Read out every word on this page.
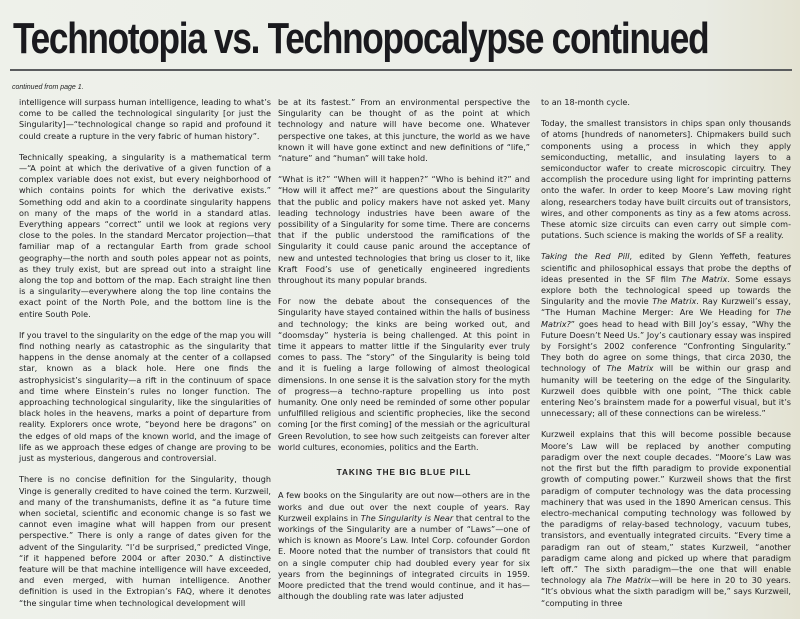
Technotopia vs. Technopocalypse continued

continued from page 1.

intelligence will surpass human intelligence, leading to what’s come to be called the technological singularity [or just the Singularity]—“technological change so rapid and profound it could create a rupture in the very fabric of human history”.

Technically speaking, a singularity is a mathematical term—“A point at which the derivative of a given function of a complex variable does not exist, but every neighborhood of which contains points for which the derivative exists.” Something odd and akin to a coordinate singularity happens on many of the maps of the world in a standard atlas. Everything appears “correct” until we look at regions very close to the poles. In the standard Mercator projection—that familiar map of a rectangular Earth from grade school geography—the north and south poles appear not as points, as they truly exist, but are spread out into a straight line along the top and bottom of the map. Each straight line then is a singularity—everywhere along the top line contains the exact point of the North Pole, and the bottom line is the entire South Pole.

If you travel to the singularity on the edge of the map you will find nothing nearly as catastrophic as the singularity that happens in the dense anomaly at the center of a collapsed star, known as a black hole. Here one finds the astrophysicist’s singularity—a rift in the continuum of space and time where Einstein’s rules no longer function. The approaching technological singularity, like the singularities of black holes in the heavens, marks a point of departure from reality. Explorers once wrote, “beyond here be dragons” on the edges of old maps of the known world, and the image of life as we approach these edges of change are proving to be just as mysterious, dangerous and controversial.

There is no concise definition for the Singularity, though Vinge is generally credited to have coined the term. Kurzweil, and many of the transhumanists, define it as “a future time when societal, scientific and economic change is so fast we cannot even imagine what will happen from our present perspective.” There is only a range of dates given for the advent of the Singularity. “I’d be surprised,” predicted Vinge, “if it happened before 2004 or after 2030.” A distinctive feature will be that machine intelligence will have exceeded, and even merged, with human intelligence. Another definition is used in the Extropian’s FAQ, where it denotes “the singular time when technological development will

be at its fastest.” From an environmental perspective the Singularity can be thought of as the point at which technology and nature will have become one. Whatever perspective one takes, at this juncture, the world as we have known it will have gone extinct and new definitions of “life,” “nature” and “human” will take hold.

“What is it?” “When will it happen?” “Who is behind it?” and “How will it affect me?” are questions about the Singularity that the public and policy makers have not asked yet. Many leading technology industries have been aware of the possibility of a Singularity for some time. There are concerns that if the public understood the ramifications of the Singularity it could cause panic around the acceptance of new and untested technologies that bring us closer to it, like Kraft Food’s use of genetically engineered ingredients throughout its many popular brands.

For now the debate about the consequences of the Singularity have stayed contained within the halls of business and technology; the kinks are being worked out, and “doomsday” hysteria is being challenged. At this point in time it appears to matter little if the Singularity ever truly comes to pass. The “story” of the Singularity is being told and it is fueling a large following of almost theological dimensions. In one sense it is the salvation story for the myth of progress—a techno-rapture propelling us into post humanity. One only need be reminded of some other popular unfulfilled religious and scientific prophecies, like the second coming [or the first coming] of the messiah or the agricultural Green Revolution, to see how such zeitgeists can forever alter world cultures, economies, politics and the Earth.

TAKING THE BIG BLUE PILL

A few books on the Singularity are out now—others are in the works and due out over the next couple of years. Ray Kurzweil explains in The Singularity is Near that central to the workings of the Singularity are a number of “Laws”—one of which is known as Moore’s Law. Intel Corp. cofounder Gordon E. Moore noted that the number of transistors that could fit on a single computer chip had doubled every year for six years from the beginnings of integrated circuits in 1959. Moore predicted that the trend would continue, and it has—although the doubling rate was later adjusted

to an 18-month cycle.

Today, the smallest transistors in chips span only thousands of atoms [hundreds of nanometers]. Chipmakers build such components using a process in which they apply semiconducting, metallic, and insulating layers to a semiconductor wafer to create microscopic circuitry. They accomplish the procedure using light for imprinting patterns onto the wafer. In order to keep Moore’s Law moving right along, researchers today have built circuits out of transistors, wires, and other components as tiny as a few atoms across. These atomic size circuits can even carry out simple computations. Such science is making the worlds of SF a reality.

Taking the Red Pill, edited by Glenn Yeffeth, features scientific and philosophical essays that probe the depths of ideas presented in the SF film The Matrix. Some essays explore both the technological speed up towards the Singularity and the movie The Matrix. Ray Kurzweil’s essay, “The Human Machine Merger: Are We Heading for The Matrix?” goes head to head with Bill Joy’s essay, “Why the Future Doesn’t Need Us.” Joy’s cautionary essay was inspired by Forsight’s 2002 conference “Confronting Singularity.” They both do agree on some things, that circa 2030, the technology of The Matrix will be within our grasp and humanity will be teetering on the edge of the Singularity. Kurzweil does quibble with one point, “The thick cable entering Neo’s brainstem made for a powerful visual, but it’s unnecessary; all of these connections can be wireless.”

Kurzweil explains that this will become possible because Moore’s Law will be replaced by another computing paradigm over the next couple decades. “Moore’s Law was not the first but the fifth paradigm to provide exponential growth of computing power.” Kurzweil shows that the first paradigm of computer technology was the data processing machinery that was used in the 1890 American census. This electro-mechanical computing technology was followed by the paradigms of relay-based technology, vacuum tubes, transistors, and eventually integrated circuits. “Every time a paradigm ran out of steam,” states Kurzweil, “another paradigm came along and picked up where that paradigm left off.” The sixth paradigm—the one that will enable technology ala The Matrix—will be here in 20 to 30 years. “It’s obvious what the sixth paradigm will be,” says Kurzweil, “computing in three
